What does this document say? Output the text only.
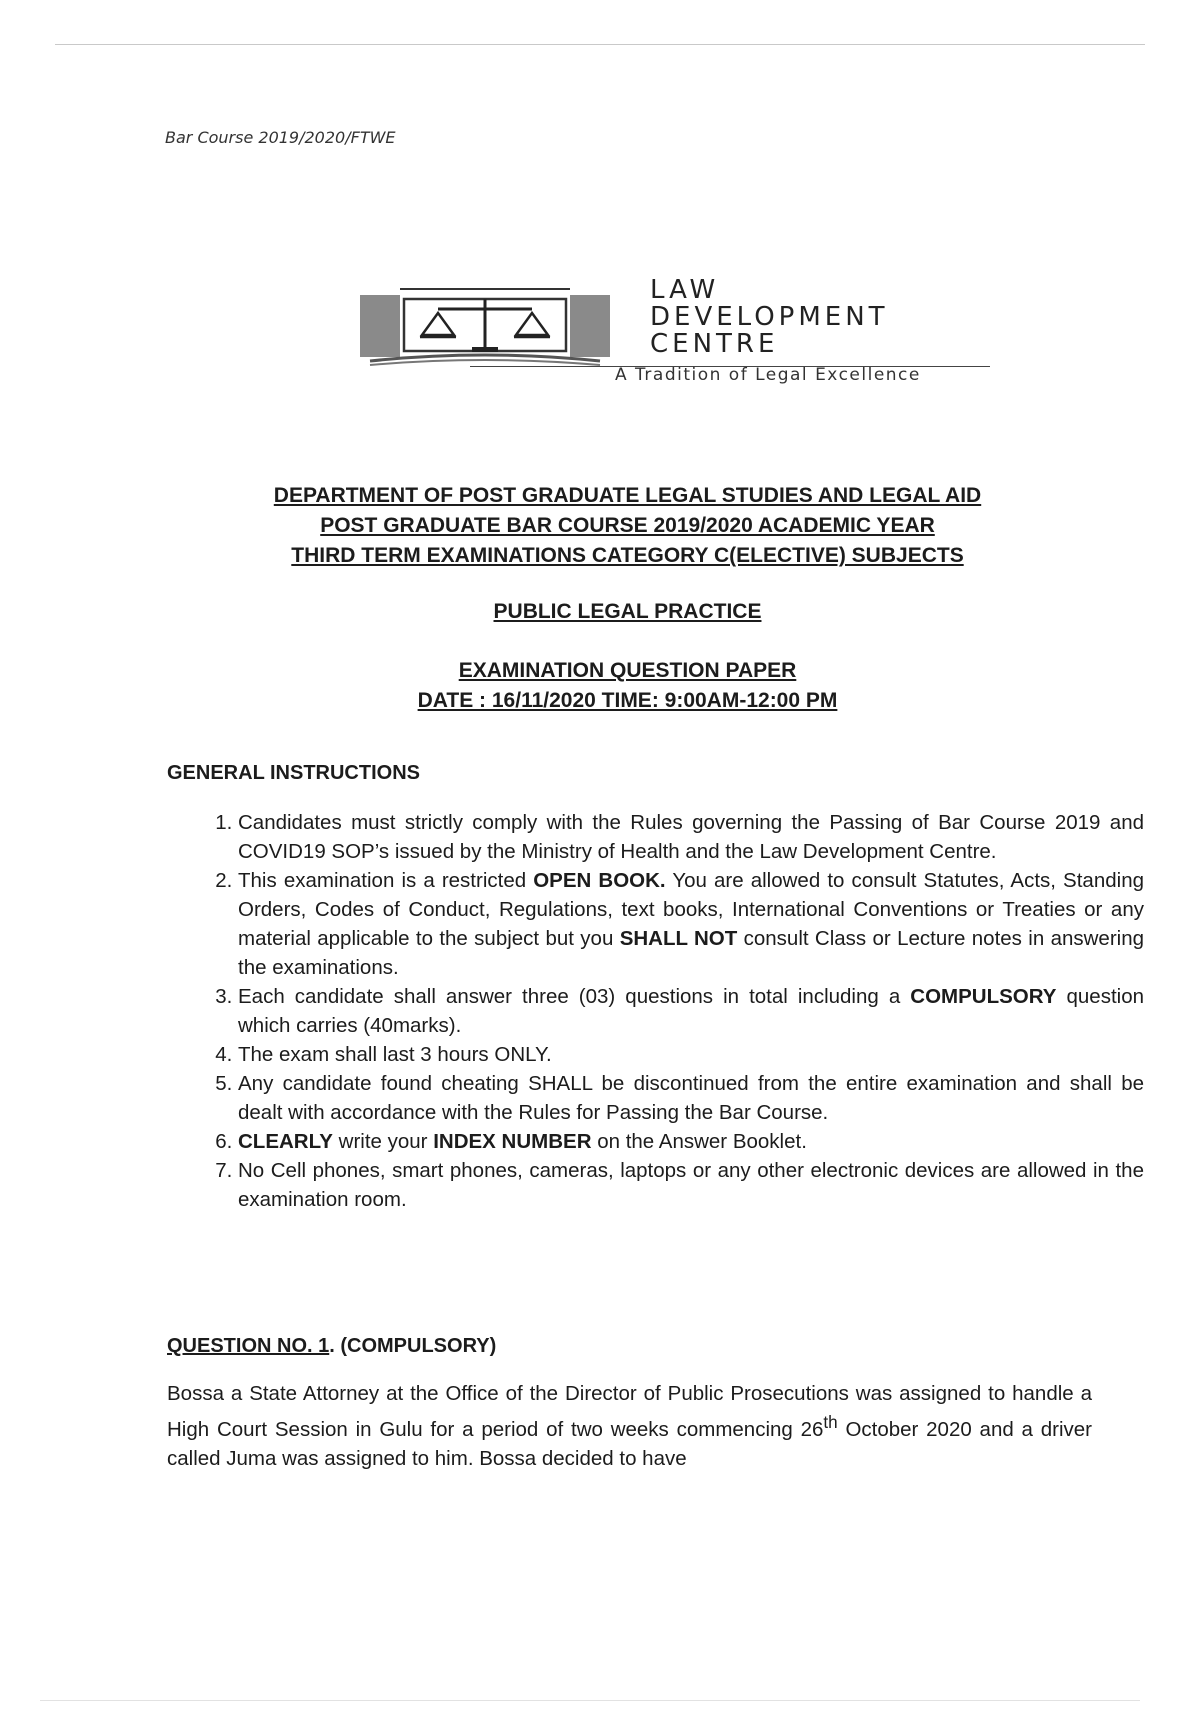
Bar Course 2019/2020/FTWE
LAW
DEVELOPMENT
CENTRE
A Tradition of Legal Excellence
DEPARTMENT OF POST GRADUATE LEGAL STUDIES AND LEGAL AID
POST GRADUATE BAR COURSE 2019/2020 ACADEMIC YEAR
THIRD TERM EXAMINATIONS CATEGORY C(ELECTIVE) SUBJECTS
PUBLIC LEGAL PRACTICE
EXAMINATION QUESTION PAPER
DATE : 16/11/2020 TIME: 9:00AM-12:00 PM
GENERAL INSTRUCTIONS
1. Candidates must strictly comply with the Rules governing the Passing of Bar Course 2019 and COVID19 SOP’s issued by the Ministry of Health and the Law Development Centre.
2. This examination is a restricted OPEN BOOK. You are allowed to consult Statutes, Acts, Standing Orders, Codes of Conduct, Regulations, text books, International Conventions or Treaties or any material applicable to the subject but you SHALL NOT consult Class or Lecture notes in answering the examinations.
3. Each candidate shall answer three (03) questions in total including a COMPULSORY question which carries (40marks).
4. The exam shall last 3 hours ONLY.
5. Any candidate found cheating SHALL be discontinued from the entire examination and shall be dealt with accordance with the Rules for Passing the Bar Course.
6. CLEARLY write your INDEX NUMBER on the Answer Booklet.
7. No Cell phones, smart phones, cameras, laptops or any other electronic devices are allowed in the examination room.
QUESTION NO. 1. (COMPULSORY)
Bossa a State Attorney at the Office of the Director of Public Prosecutions was assigned to handle a High Court Session in Gulu for a period of two weeks commencing 26th October 2020 and a driver called Juma was assigned to him. Bossa decided to have
